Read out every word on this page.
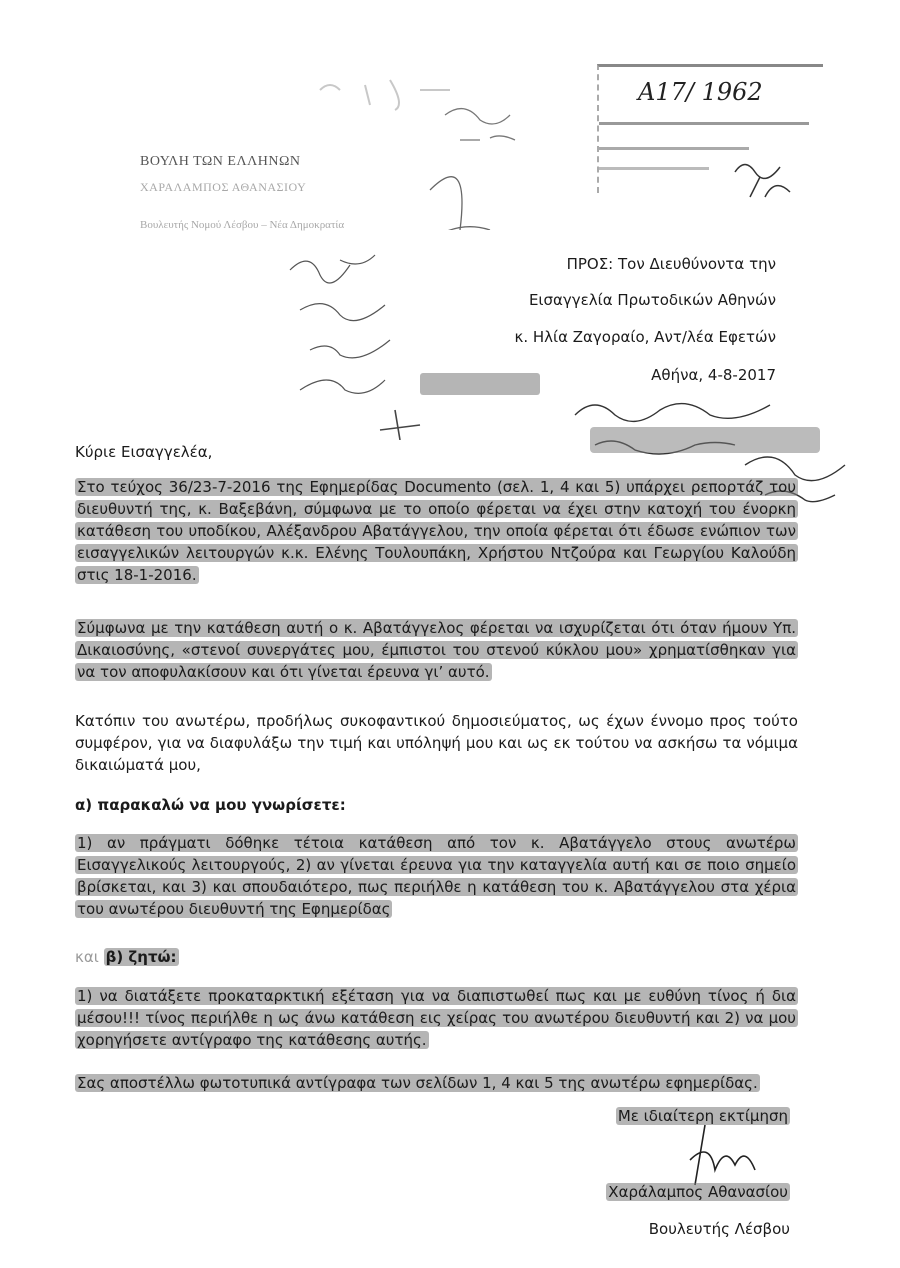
ΒΟΥΛΗ ΤΩΝ ΕΛΛΗΝΩΝ
ΧΑΡΑΛΑΜΠΟΣ ΑΘΑΝΑΣΙΟΥ
Βουλευτής Νομού Λέσβου – Νέα Δημοκρατία
Α17/ 1962
ΠΡΟΣ: Τον Διευθύνοντα την
Εισαγγελία Πρωτοδικών Αθηνών
κ. Ηλία Ζαγοραίο, Αντ/λέα Εφετών
Αθήνα, 4-8-2017
Κύριε Εισαγγελέα,
Στο τεύχος 36/23-7-2016 της Εφημερίδας Documento (σελ. 1, 4 και 5) υπάρχει ρεπορτάζ του διευθυντή της, κ. Βαξεβάνη, σύμφωνα με το οποίο φέρεται να έχει στην κατοχή του ένορκη κατάθεση του υποδίκου, Αλέξανδρου Αβατάγγελου, την οποία φέρεται ότι έδωσε ενώπιον των εισαγγελικών λειτουργών κ.κ. Ελένης Τουλουπάκη, Χρήστου Ντζούρα και Γεωργίου Καλούδη στις 18-1-2016.
Σύμφωνα με την κατάθεση αυτή ο κ. Αβατάγγελος φέρεται να ισχυρίζεται ότι όταν ήμουν Υπ. Δικαιοσύνης, «στενοί συνεργάτες μου, έμπιστοι του στενού κύκλου μου» χρηματίσθηκαν για να τον αποφυλακίσουν και ότι γίνεται έρευνα γι’ αυτό.
Κατόπιν του ανωτέρω, προδήλως συκοφαντικού δημοσιεύματος, ως έχων έννομο προς τούτο συμφέρον, για να διαφυλάξω την τιμή και υπόληψή μου και ως εκ τούτου να ασκήσω τα νόμιμα δικαιώματά μου,
α) παρακαλώ να μου γνωρίσετε:
1) αν πράγματι δόθηκε τέτοια κατάθεση από τον κ. Αβατάγγελο στους ανωτέρω Εισαγγελικούς λειτουργούς, 2) αν γίνεται έρευνα για την καταγγελία αυτή και σε ποιο σημείο βρίσκεται, και 3) και σπουδαιότερο, πως περιήλθε η κατάθεση του κ. Αβατάγγελου στα χέρια του ανωτέρου διευθυντή της Εφημερίδας
και β) ζητώ:
1) να διατάξετε προκαταρκτική εξέταση για να διαπιστωθεί πως και με ευθύνη τίνος ή δια μέσου!!! τίνος περιήλθε η ως άνω κατάθεση εις χείρας του ανωτέρου διευθυντή και 2) να μου χορηγήσετε αντίγραφο της κατάθεσης αυτής.
Σας αποστέλλω φωτοτυπικά αντίγραφα των σελίδων 1, 4 και 5 της ανωτέρω εφημερίδας.
Με ιδιαίτερη εκτίμηση
Χαράλαμπος Αθανασίου
Βουλευτής Λέσβου
